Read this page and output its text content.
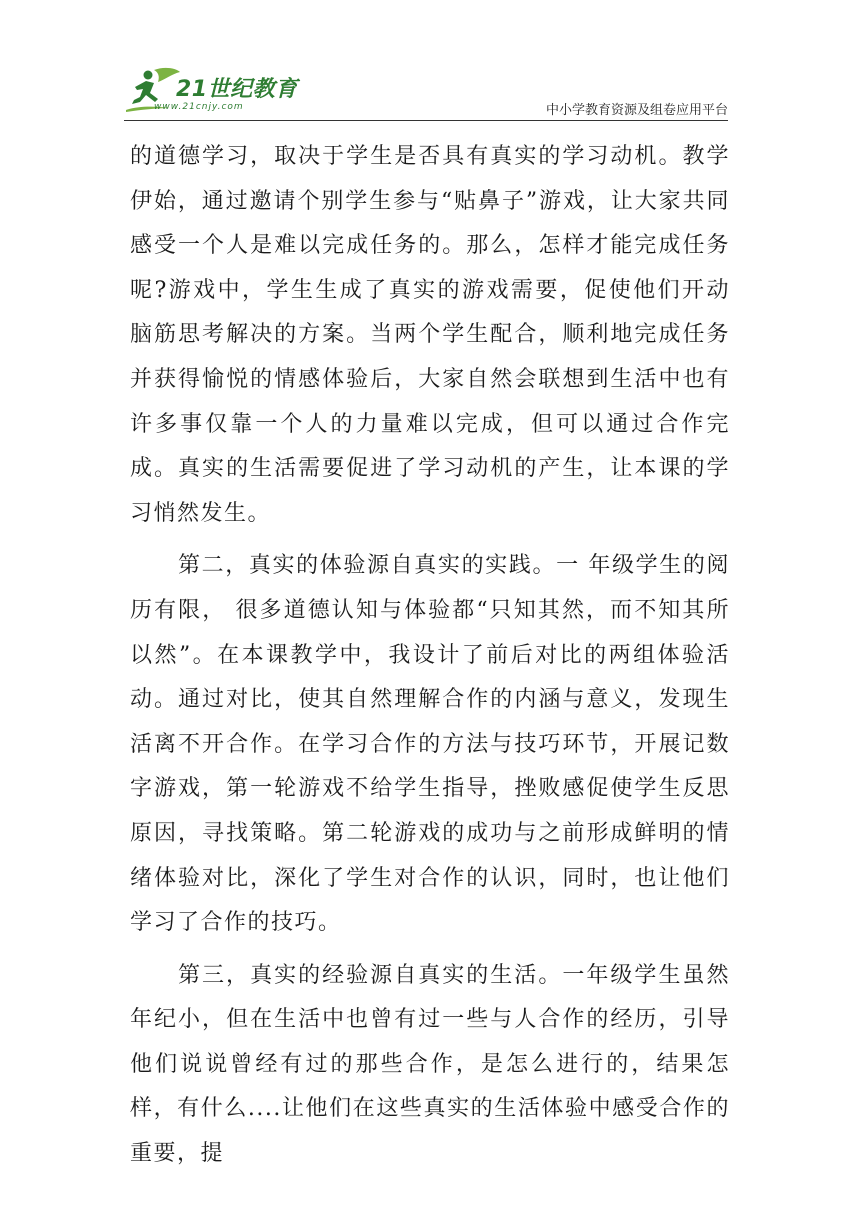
21世纪教育
www.21cnjy.com	中小学教育资源及组卷应用平台

的道德学习，取决于学生是否具有真实的学习动机。教学伊始，通过邀请个别学生参与“贴鼻子”游戏，让大家共同感受一个人是难以完成任务的。那么，怎样才能完成任务呢?游戏中，学生生成了真实的游戏需要，促使他们开动脑筋思考解决的方案。当两个学生配合，顺利地完成任务并获得愉悦的情感体验后，大家自然会联想到生活中也有许多事仅靠一个人的力量难以完成，但可以通过合作完成。真实的生活需要促进了学习动机的产生，让本课的学习悄然发生。

第二，真实的体验源自真实的实践。一 年级学生的阅历有限， 很多道德认知与体验都“只知其然，而不知其所以然”。在本课教学中，我设计了前后对比的两组体验活动。通过对比，使其自然理解合作的内涵与意义，发现生活离不开合作。在学习合作的方法与技巧环节，开展记数字游戏，第一轮游戏不给学生指导，挫败感促使学生反思原因，寻找策略。第二轮游戏的成功与之前形成鲜明的情绪体验对比，深化了学生对合作的认识，同时，也让他们学习了合作的技巧。

第三，真实的经验源自真实的生活。一年级学生虽然年纪小，但在生活中也曾有过一些与人合作的经历，引导他们说说曾经有过的那些合作，是怎么进行的，结果怎样，有什么....让他们在这些真实的生活体验中感受合作的重要，提
